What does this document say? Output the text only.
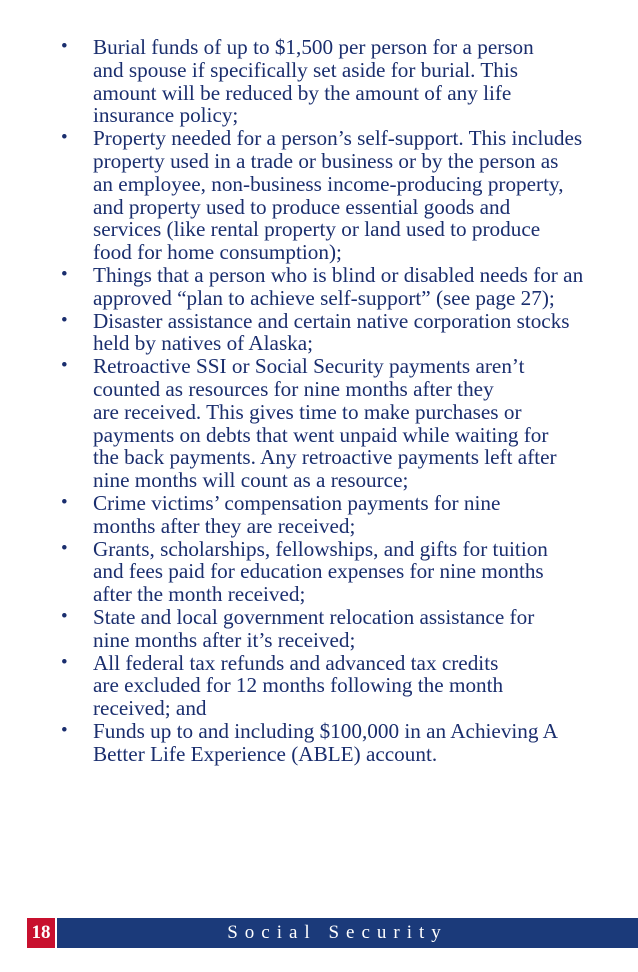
• Burial funds of up to $1,500 per person for a person
and spouse if specifically set aside for burial. This
amount will be reduced by the amount of any life
insurance policy;
• Property needed for a person’s self-support. This includes
property used in a trade or business or by the person as
an employee, non-business income-producing property,
and property used to produce essential goods and
services (like rental property or land used to produce
food for home consumption);
• Things that a person who is blind or disabled needs for an
approved “plan to achieve self-support” (see page 27);
• Disaster assistance and certain native corporation stocks
held by natives of Alaska;
• Retroactive SSI or Social Security payments aren’t
counted as resources for nine months after they
are received. This gives time to make purchases or
payments on debts that went unpaid while waiting for
the back payments. Any retroactive payments left after
nine months will count as a resource;
• Crime victims’ compensation payments for nine
months after they are received;
• Grants, scholarships, fellowships, and gifts for tuition
and fees paid for education expenses for nine months
after the month received;
• State and local government relocation assistance for
nine months after it’s received;
• All federal tax refunds and advanced tax credits
are excluded for 12 months following the month
received; and
• Funds up to and including $100,000 in an Achieving A
Better Life Experience (ABLE) account.
18	Social Security
